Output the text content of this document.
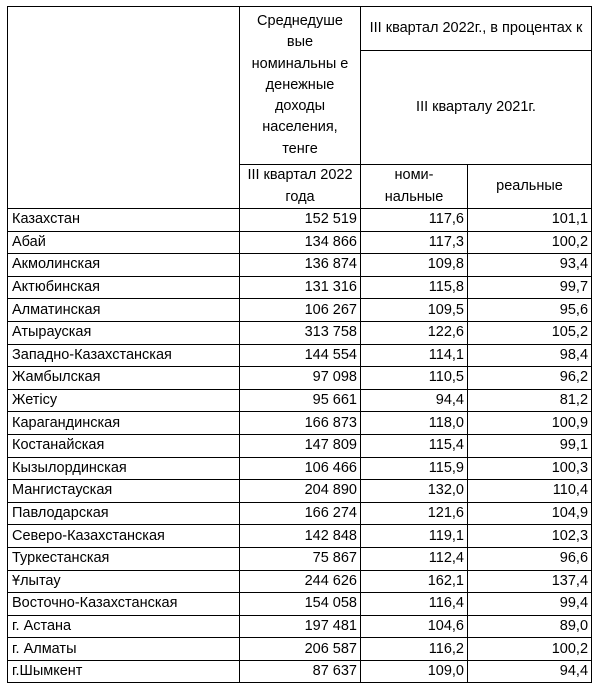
	Среднедуше вые номинальны е денежные доходы населения, тенге	III квартал 2022г., в процентах к	
		III кварталу 2021г.	

	III квартал 2022 года	номи- нальные	реальные
Казахстан	152 519	117,6	101,1
Абай	134 866	117,3	100,2
Акмолинская	136 874	109,8	93,4
Актюбинская	131 316	115,8	99,7
Алматинская	106 267	109,5	95,6
Атырауская	313 758	122,6	105,2
Западно-Казахстанская	144 554	114,1	98,4
Жамбылская	97 098	110,5	96,2
Жетісу	95 661	94,4	81,2
Карагандинская	166 873	118,0	100,9
Костанайская	147 809	115,4	99,1
Кызылординская	106 466	115,9	100,3
Мангистауская	204 890	132,0	110,4
Павлодарская	166 274	121,6	104,9
Северо-Казахстанская	142 848	119,1	102,3
Туркестанская	75 867	112,4	96,6
Ұлытау	244 626	162,1	137,4
Восточно-Казахстанская	154 058	116,4	99,4
г. Астана	197 481	104,6	89,0
г. Алматы	206 587	116,2	100,2
г.Шымкент	87 637	109,0	94,4
